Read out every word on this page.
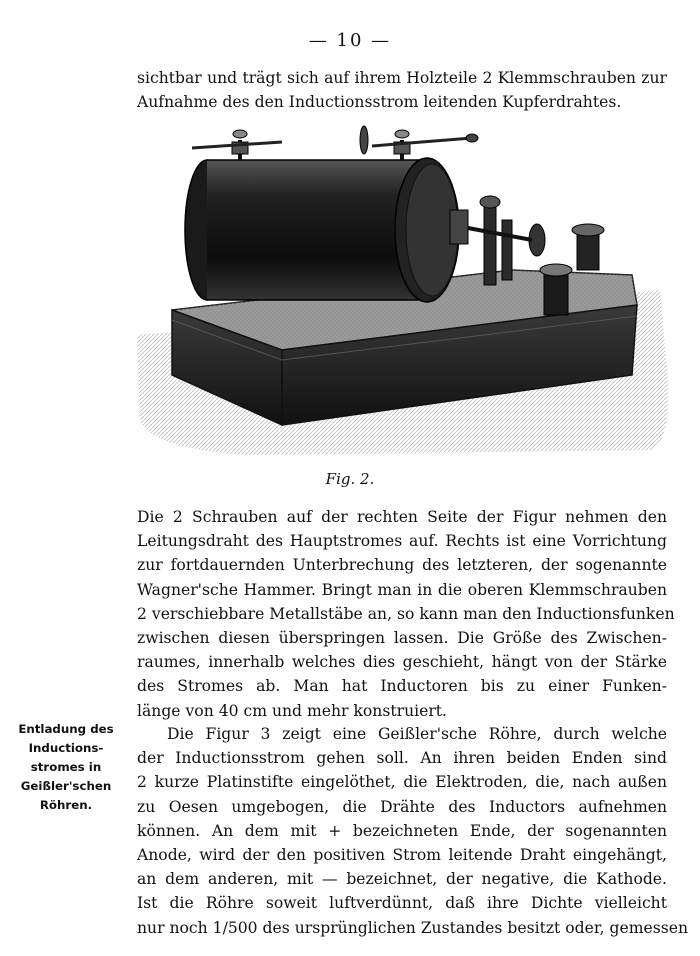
— 10 —
sichtbar und trägt sich auf ihrem Holzteile 2 Klemmschrauben zur
Aufnahme des den Inductionsstrom leitenden Kupferdrahtes.
Fig. 2.
Die 2 Schrauben auf der rechten Seite der Figur nehmen den
Leitungsdraht des Hauptstromes auf. Rechts ist eine Vorrichtung
zur fortdauernden Unterbrechung des letzteren, der sogenannte
Wagner'sche Hammer. Bringt man in die oberen Klemmschrauben
2 verschiebbare Metallstäbe an, so kann man den Inductionsfunken
zwischen diesen überspringen lassen. Die Größe des Zwischen-
raumes, innerhalb welches dies geschieht, hängt von der Stärke
des Stromes ab. Man hat Inductoren bis zu einer Funken-
länge von 40 cm und mehr konstruiert.
Entladung des
Inductions-
stromes in
Geißler'schen
Röhren.
Die Figur 3 zeigt eine Geißler'sche Röhre, durch welche
der Inductionsstrom gehen soll. An ihren beiden Enden sind
2 kurze Platinstifte eingelöthet, die Elektroden, die, nach außen
zu Oesen umgebogen, die Drähte des Inductors aufnehmen
können. An dem mit + bezeichneten Ende, der sogenannten
Anode, wird der den positiven Strom leitende Draht eingehängt,
an dem anderen, mit — bezeichnet, der negative, die Kathode.
Ist die Röhre soweit luftverdünnt, daß ihre Dichte vielleicht
nur noch 1/500 des ursprünglichen Zustandes besitzt oder, gemessen
